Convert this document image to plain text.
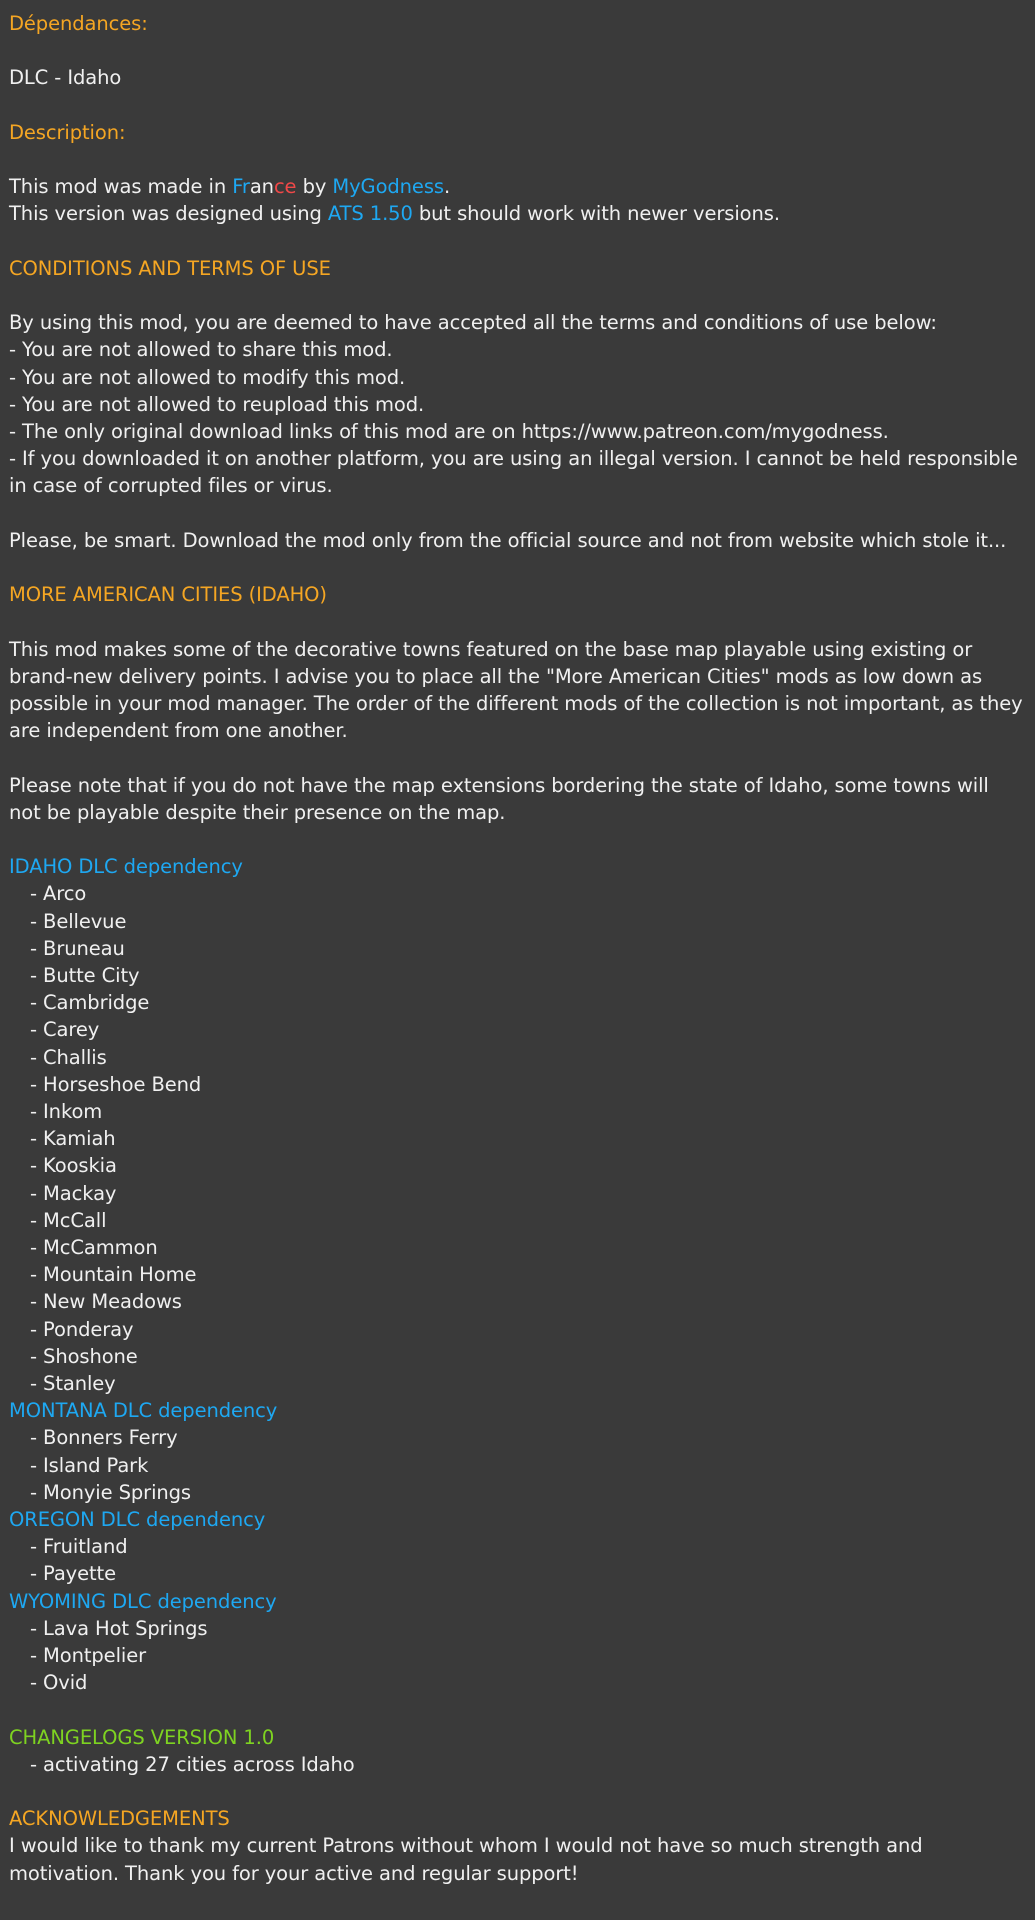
Dépendances:
DLC - Idaho
Description:
This mod was made in France by MyGodness.
This version was designed using ATS 1.50 but should work with newer versions.
CONDITIONS AND TERMS OF USE
By using this mod, you are deemed to have accepted all the terms and conditions of use below:
- You are not allowed to share this mod.
- You are not allowed to modify this mod.
- You are not allowed to reupload this mod.
- The only original download links of this mod are on https://www.patreon.com/mygodness.
- If you downloaded it on another platform, you are using an illegal version. I cannot be held responsible in case of corrupted files or virus.
Please, be smart. Download the mod only from the official source and not from website which stole it...
MORE AMERICAN CITIES (IDAHO)
This mod makes some of the decorative towns featured on the base map playable using existing or brand-new delivery points. I advise you to place all the "More American Cities" mods as low down as possible in your mod manager. The order of the different mods of the collection is not important, as they are independent from one another.
Please note that if you do not have the map extensions bordering the state of Idaho, some towns will not be playable despite their presence on the map.
IDAHO DLC dependency
- Arco
- Bellevue
- Bruneau
- Butte City
- Cambridge
- Carey
- Challis
- Horseshoe Bend
- Inkom
- Kamiah
- Kooskia
- Mackay
- McCall
- McCammon
- Mountain Home
- New Meadows
- Ponderay
- Shoshone
- Stanley
MONTANA DLC dependency
- Bonners Ferry
- Island Park
- Monyie Springs
OREGON DLC dependency
- Fruitland
- Payette
WYOMING DLC dependency
- Lava Hot Springs
- Montpelier
- Ovid
CHANGELOGS VERSION 1.0
- activating 27 cities across Idaho
ACKNOWLEDGEMENTS
I would like to thank my current Patrons without whom I would not have so much strength and motivation. Thank you for your active and regular support!
